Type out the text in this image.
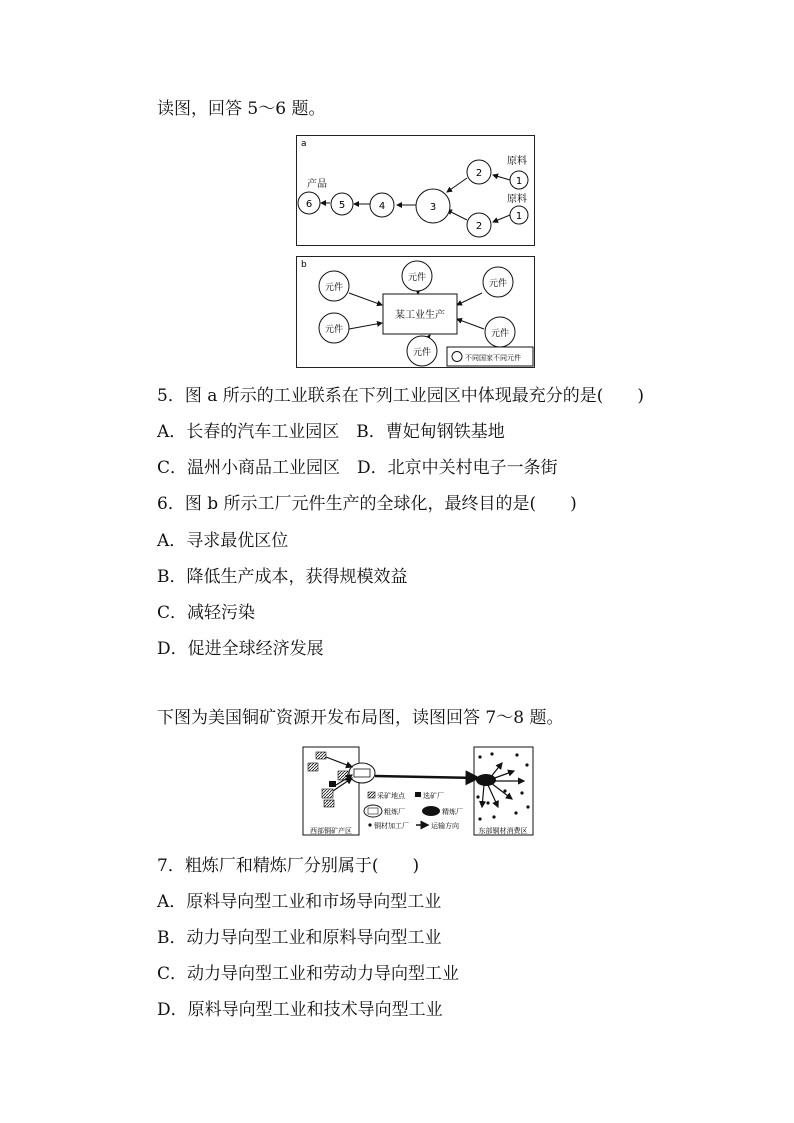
读图，回答 5～6 题。
a
1
1
2
2
3
4
5
6
原料
原料
产品
b
某工业生产
元件
元件
元件
元件	元件
元件	不同国家不同元件
5．图 a 所示的工业联系在下列工业园区中体现最充分的是(　　)
A．长春的汽车工业园区　B．曹妃甸钢铁基地
C．温州小商品工业园区　D．北京中关村电子一条街
6．图 b 所示工厂元件生产的全球化，最终目的是(　　)
A．寻求最优区位
B．降低生产成本，获得规模效益
C．减轻污染
D．促进全球经济发展
下图为美国铜矿资源开发布局图，读图回答 7～8 题。
采矿地点	选矿厂
粗炼厂	精炼厂
铜材加工厂	运输方向
西部铜矿产区	东部铜材消费区
7．粗炼厂和精炼厂分别属于(　　)
A．原料导向型工业和市场导向型工业
B．动力导向型工业和原料导向型工业
C．动力导向型工业和劳动力导向型工业
D．原料导向型工业和技术导向型工业
